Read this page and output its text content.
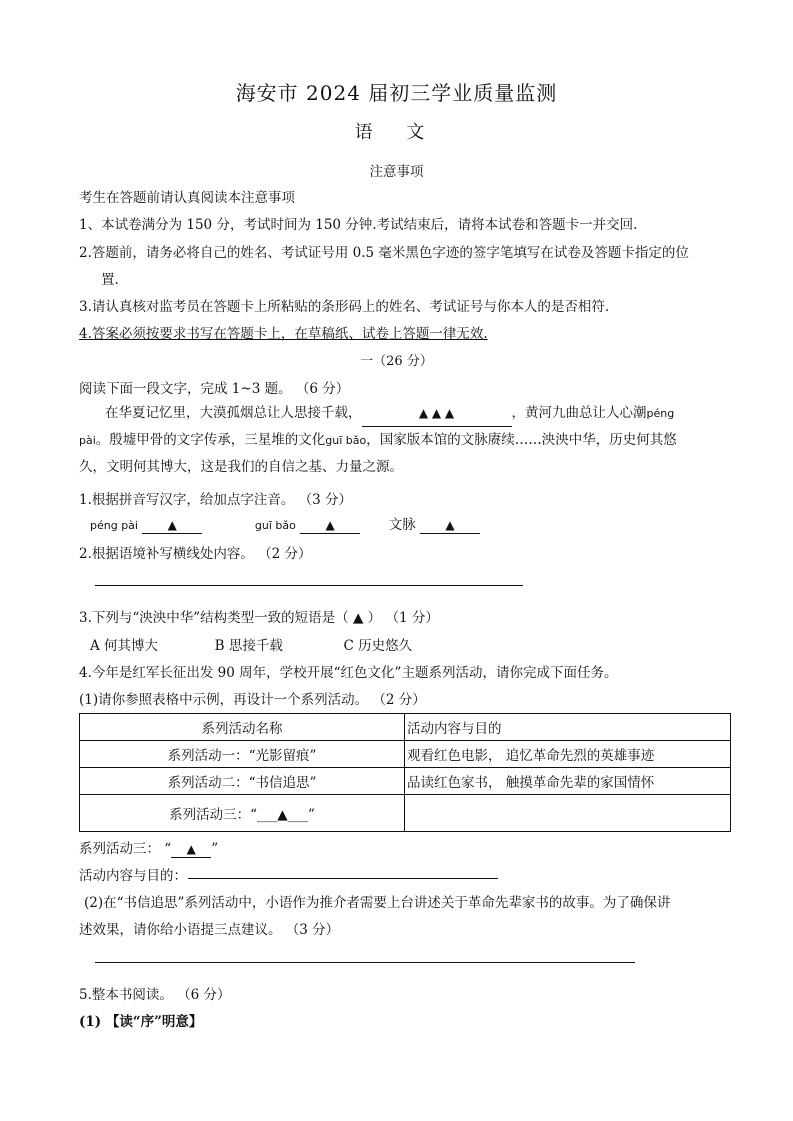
海安市 2024 届初三学业质量监测
语 文
注意事项
考生在答题前请认真阅读本注意事项
1、本试卷满分为 150 分，考试时间为 150 分钟.考试结束后，请将本试卷和答题卡一并交回.
2.答题前，请务必将自己的姓名、考试证号用 0.5 毫米黑色字迹的签字笔填写在试卷及答题卡指定的位
置.
3.请认真核对监考员在答题卡上所粘贴的条形码上的姓名、考试证号与你本人的是否相符.
4.答案必须按要求书写在答题卡上，在草稿纸、试卷上答题一律无效.
一（26 分）
阅读下面一段文字，完成 1~3 题。 （6 分）
在华夏记忆里，大漠孤烟总让人思接千载，	▲ ▲ ▲	，黄河九曲总让人心潮péng
pài。殷墟甲骨的文字传承，三星堆的文化guī bǎo，国家版本馆的文脉赓续……泱泱中华，历史何其悠
久，文明何其博大，这是我们的自信之基、力量之源。
1.根据拼音写汉字，给加点字注音。 （3 分）
péng pài ▲	guī bǎo ▲	文脉 ▲
2.根据语境补写横线处内容。 （2 分）
3.下列与“泱泱中华”结构类型一致的短语是（ ▲ ） （1 分）
A 何其博大	B 思接千载	C 历史悠久
4.今年是红军长征出发 90 周年，学校开展“红色文化”主题系列活动，请你完成下面任务。
(1)请你参照表格中示例，再设计一个系列活动。 （2 分）
系列活动名称	活动内容与目的
系列活动一：“光影留痕”	观看红色电影， 追忆革命先烈的英雄事迹
系列活动二：“书信追思”	品读红色家书， 触摸革命先辈的家国情怀
系列活动三：“___▲___”	
系列活动三： “ ▲ ”
活动内容与目的：
(2)在“书信追思”系列活动中，小语作为推介者需要上台讲述关于革命先辈家书的故事。为了确保讲
述效果，请你给小语提三点建议。 （3 分）
5.整本书阅读。 （6 分）
(1) 【读“序”明意】
